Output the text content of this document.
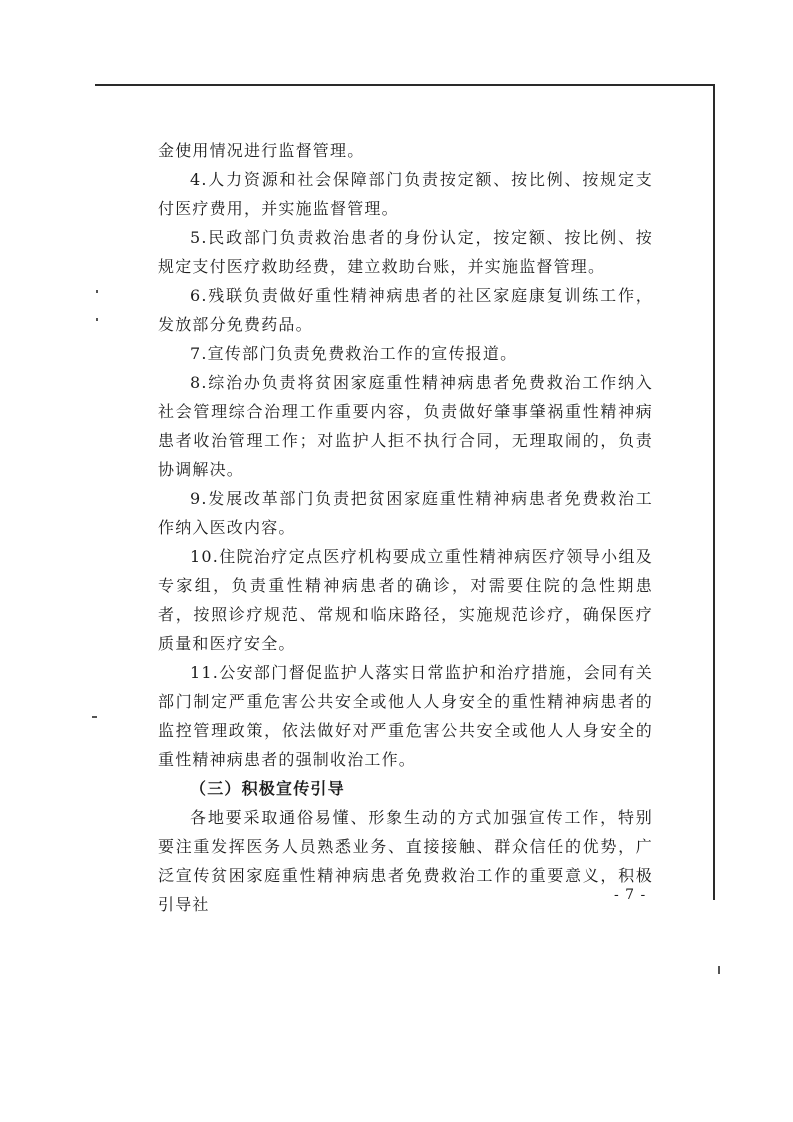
金使用情况进行监督管理。

4.人力资源和社会保障部门负责按定额、按比例、按规定支付医疗费用，并实施监督管理。

5.民政部门负责救治患者的身份认定，按定额、按比例、按规定支付医疗救助经费，建立救助台账，并实施监督管理。

6.残联负责做好重性精神病患者的社区家庭康复训练工作，发放部分免费药品。

7.宣传部门负责免费救治工作的宣传报道。

8.综治办负责将贫困家庭重性精神病患者免费救治工作纳入社会管理综合治理工作重要内容，负责做好肇事肇祸重性精神病患者收治管理工作；对监护人拒不执行合同，无理取闹的，负责协调解决。

9.发展改革部门负责把贫困家庭重性精神病患者免费救治工作纳入医改内容。

10.住院治疗定点医疗机构要成立重性精神病医疗领导小组及专家组，负责重性精神病患者的确诊，对需要住院的急性期患者，按照诊疗规范、常规和临床路径，实施规范诊疗，确保医疗质量和医疗安全。

11.公安部门督促监护人落实日常监护和治疗措施，会同有关部门制定严重危害公共安全或他人人身安全的重性精神病患者的监控管理政策，依法做好对严重危害公共安全或他人人身安全的重性精神病患者的强制收治工作。

（三）积极宣传引导

各地要采取通俗易懂、形象生动的方式加强宣传工作，特别要注重发挥医务人员熟悉业务、直接接触、群众信任的优势，广泛宣传贫困家庭重性精神病患者免费救治工作的重要意义，积极引导社	- 7 -
